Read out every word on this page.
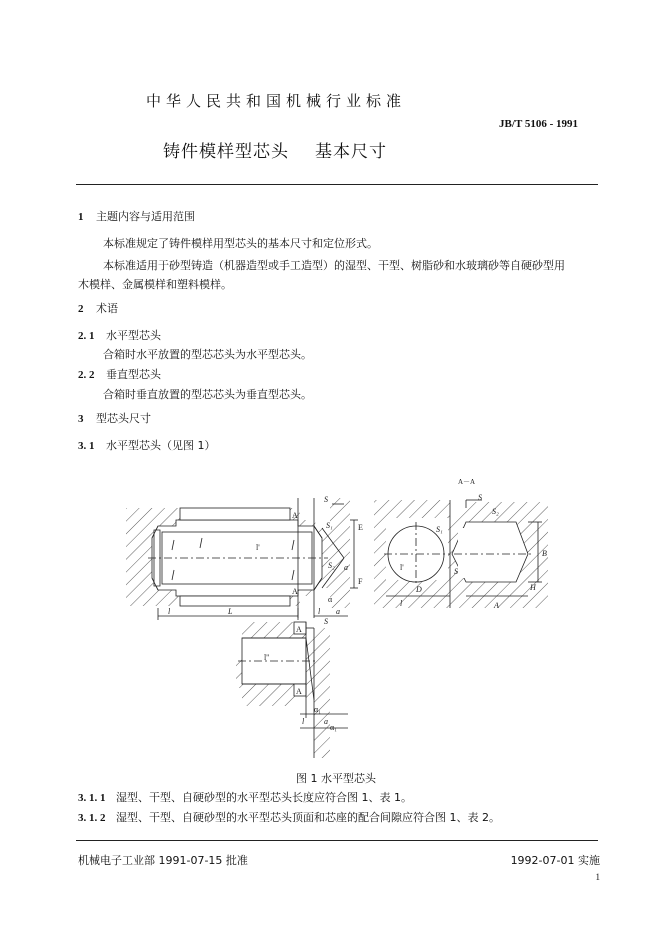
中华人民共和国机械行业标准
JB/T 5106 - 1991
铸件模样型芯头 基本尺寸
1 主题内容与适用范围
本标准规定了铸件模样用型芯头的基本尺寸和定位形式。
本标准适用于砂型铸造（机器造型或手工造型）的湿型、干型、树脂砂和水玻璃砂等自硬砂型用
木模样、金属模样和塑料模样。
2 术语
2. 1 水平型芯头
合箱时水平放置的型芯芯头为水平型芯头。
2. 2 垂直型芯头
合箱时垂直放置的型芯芯头为垂直型芯头。
3 型芯头尺寸
3. 1 水平型芯头（见图 1）
l'
A
A
S
S₁
S₂
E
F
a
α
l	L	l a
l''
A
A
S
α₁
l a
α₁
A－A
D
A
B
S
S₂
S₁
S
H
l'
l
图 1 水平型芯头
3. 1. 1 湿型、干型、自硬砂型的水平型芯头长度应符合图 1、表 1。
3. 1. 2 湿型、干型、自硬砂型的水平型芯头顶面和芯座的配合间隙应符合图 1、表 2。
机械电子工业部 1991-07-15 批准	1992-07-01 实施
1
